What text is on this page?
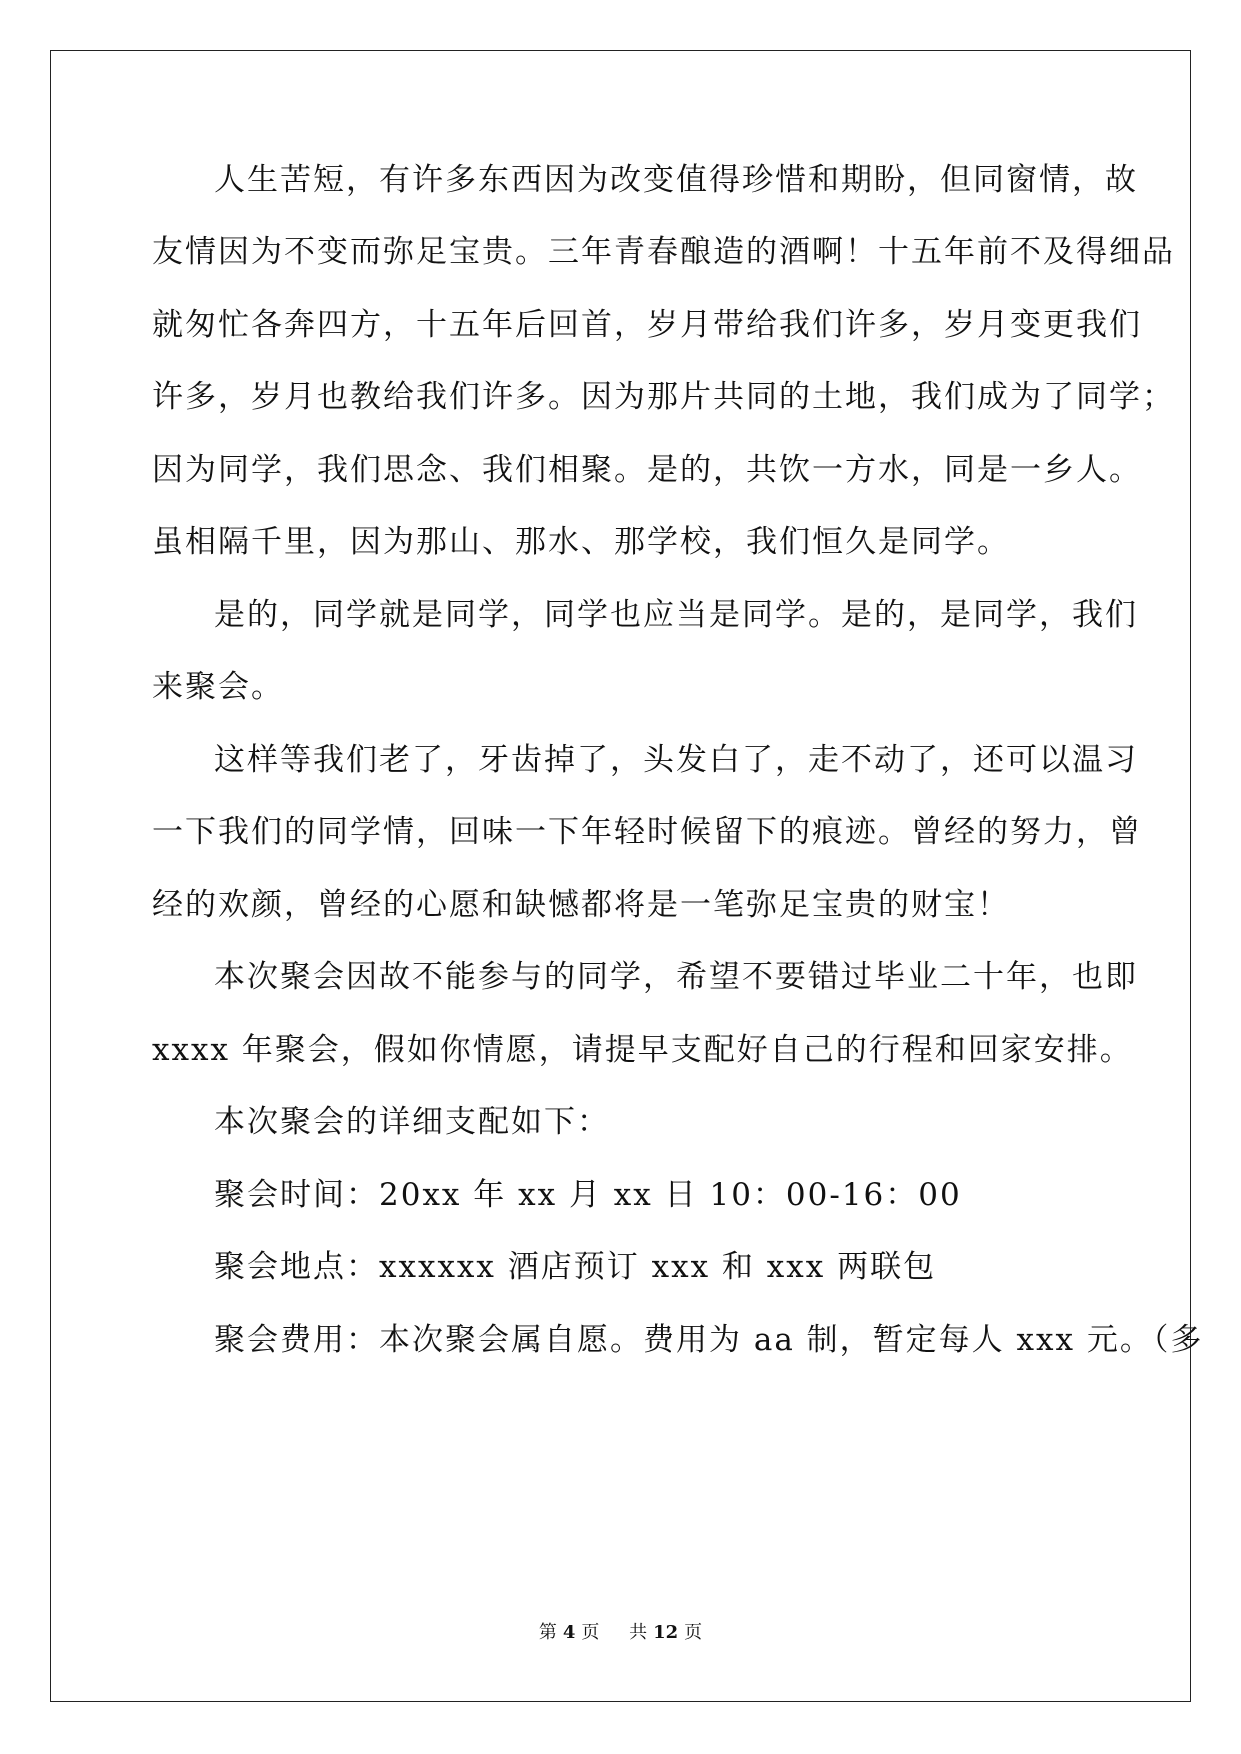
人生苦短，有许多东西因为改变值得珍惜和期盼，但同窗情，故
友情因为不变而弥足宝贵。三年青春酿造的酒啊！十五年前不及得细品
就匆忙各奔四方，十五年后回首，岁月带给我们许多，岁月变更我们
许多，岁月也教给我们许多。因为那片共同的土地，我们成为了同学；
因为同学，我们思念、我们相聚。是的，共饮一方水，同是一乡人。
虽相隔千里，因为那山、那水、那学校，我们恒久是同学。
是的，同学就是同学，同学也应当是同学。是的，是同学，我们
来聚会。
这样等我们老了，牙齿掉了，头发白了，走不动了，还可以温习
一下我们的同学情，回味一下年轻时候留下的痕迹。曾经的努力，曾
经的欢颜，曾经的心愿和缺憾都将是一笔弥足宝贵的财宝！
本次聚会因故不能参与的同学，希望不要错过毕业二十年，也即
xxxx 年聚会，假如你情愿，请提早支配好自己的行程和回家安排。
本次聚会的详细支配如下：
聚会时间：20xx 年 xx 月 xx 日 10：00-16：00
聚会地点：xxxxxx 酒店预订 xxx 和 xxx 两联包
聚会费用：本次聚会属自愿。费用为 aa 制，暂定每人 xxx 元。（多
第 4 页 共 12 页
